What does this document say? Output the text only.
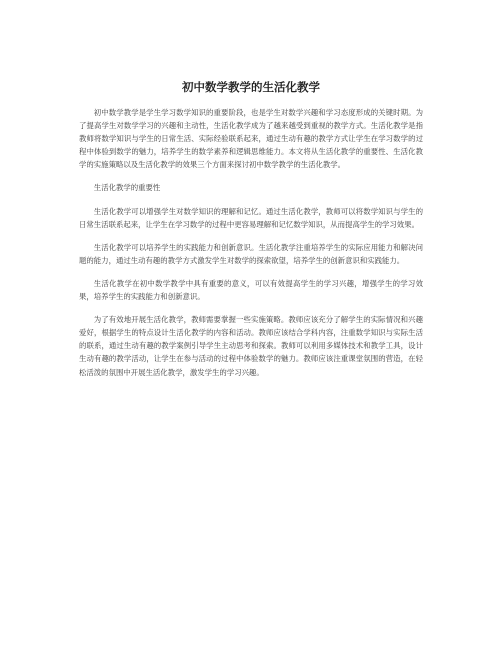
初中数学教学的生活化教学

初中数学教学是学生学习数学知识的重要阶段，也是学生对数学兴趣和学习态度形成的关键时期。为了提高学生对数学学习的兴趣和主动性，生活化教学成为了越来越受到重视的教学方式。生活化教学是指教师将数学知识与学生的日常生活、实际经验联系起来，通过生动有趣的教学方式让学生在学习数学的过程中体验到数学的魅力，培养学生的数学素养和逻辑思维能力。本文将从生活化教学的重要性、生活化教学的实施策略以及生活化教学的效果三个方面来探讨初中数学教学的生活化教学。

生活化教学的重要性

生活化教学可以增强学生对数学知识的理解和记忆。通过生活化教学，教师可以将数学知识与学生的日常生活联系起来，让学生在学习数学的过程中更容易理解和记忆数学知识，从而提高学生的学习效果。

生活化教学可以培养学生的实践能力和创新意识。生活化教学注重培养学生的实际应用能力和解决问题的能力，通过生动有趣的教学方式激发学生对数学的探索欲望，培养学生的创新意识和实践能力。

生活化教学在初中数学教学中具有重要的意义，可以有效提高学生的学习兴趣，增强学生的学习效果，培养学生的实践能力和创新意识。

为了有效地开展生活化教学，教师需要掌握一些实施策略。教师应该充分了解学生的实际情况和兴趣爱好，根据学生的特点设计生活化教学的内容和活动。教师应该结合学科内容，注重数学知识与实际生活的联系，通过生动有趣的教学案例引导学生主动思考和探索。教师可以利用多媒体技术和教学工具，设计生动有趣的教学活动，让学生在参与活动的过程中体验数学的魅力。教师应该注重课堂氛围的营造，在轻松活泼的氛围中开展生活化教学，激发学生的学习兴趣。
